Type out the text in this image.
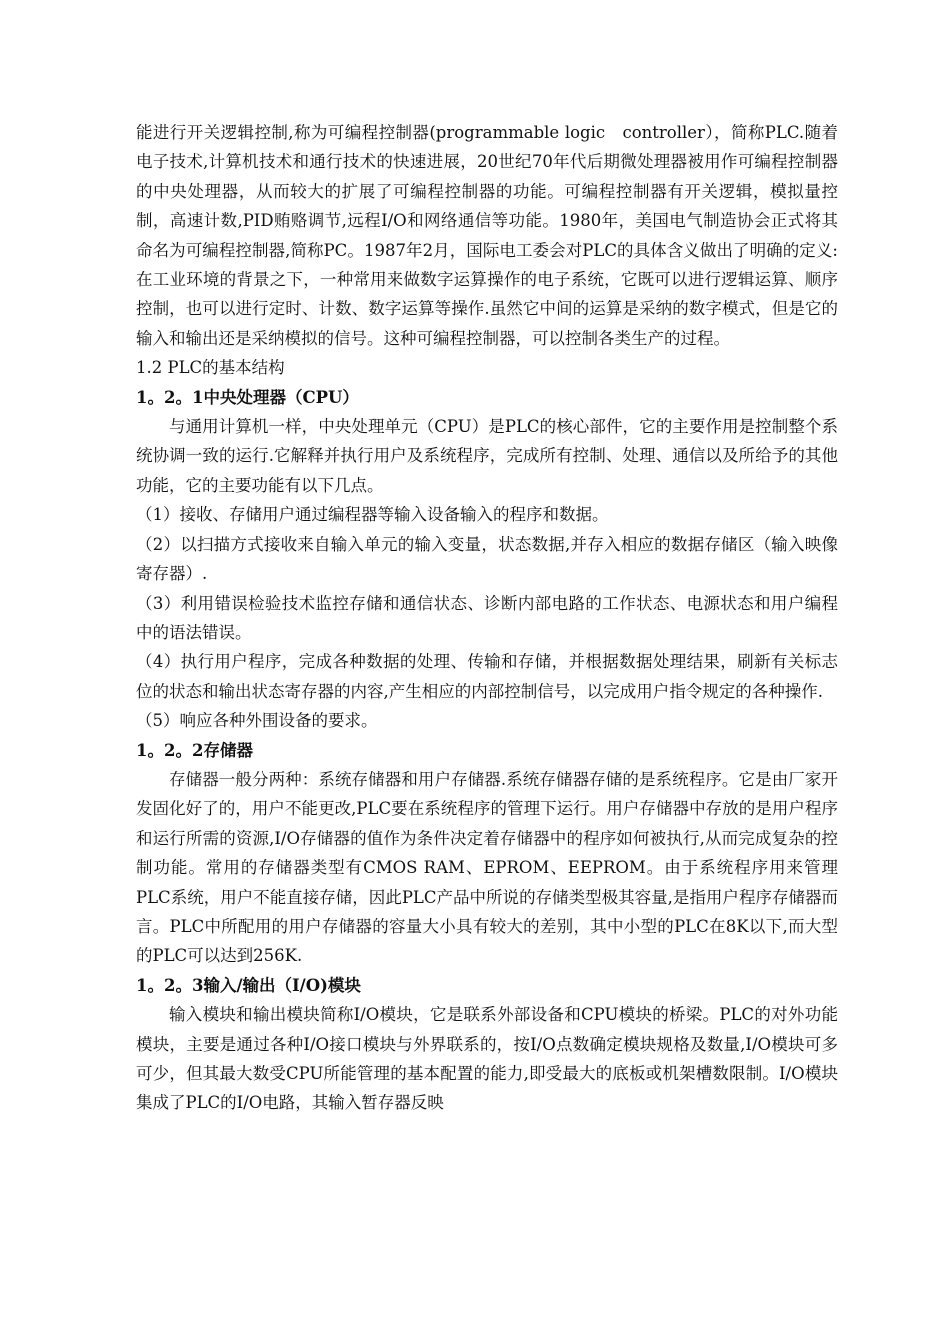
能进行开关逻辑控制,称为可编程控制器(programmable logic　controller），简称PLC.随着电子技术,计算机技术和通行技术的快速进展，20世纪70年代后期微处理器被用作可编程控制器的中央处理器，从而较大的扩展了可编程控制器的功能。可编程控制器有开关逻辑，模拟量控制，高速计数,PID贿赂调节,远程I/O和网络通信等功能。1980年，美国电气制造协会正式将其命名为可编程控制器,简称PC。1987年2月，国际电工委会对PLC的具体含义做出了明确的定义:在工业环境的背景之下，一种常用来做数字运算操作的电子系统，它既可以进行逻辑运算、顺序控制，也可以进行定时、计数、数字运算等操作.虽然它中间的运算是采纳的数字模式，但是它的输入和输出还是采纳模拟的信号。这种可编程控制器，可以控制各类生产的过程。

1.2 PLC的基本结构
1。2。1中央处理器（CPU）

与通用计算机一样，中央处理单元（CPU）是PLC的核心部件，它的主要作用是控制整个系统协调一致的运行.它解释并执行用户及系统程序，完成所有控制、处理、通信以及所给予的其他功能，它的主要功能有以下几点。

（1）接收、存储用户通过编程器等输入设备输入的程序和数据。

（2）以扫描方式接收来自输入单元的输入变量，状态数据,并存入相应的数据存储区（输入映像寄存器）.

（3）利用错误检验技术监控存储和通信状态、诊断内部电路的工作状态、电源状态和用户编程中的语法错误。

（4）执行用户程序，完成各种数据的处理、传输和存储，并根据数据处理结果，刷新有关标志位的状态和输出状态寄存器的内容,产生相应的内部控制信号，以完成用户指令规定的各种操作.

（5）响应各种外围设备的要求。

1。2。2存储器

存储器一般分两种：系统存储器和用户存储器.系统存储器存储的是系统程序。它是由厂家开发固化好了的，用户不能更改,PLC要在系统程序的管理下运行。用户存储器中存放的是用户程序和运行所需的资源,I/O存储器的值作为条件决定着存储器中的程序如何被执行,从而完成复杂的控制功能。常用的存储器类型有CMOS RAM、EPROM、EEPROM。由于系统程序用来管理PLC系统，用户不能直接存储，因此PLC产品中所说的存储类型极其容量,是指用户程序存储器而言。PLC中所配用的用户存储器的容量大小具有较大的差别，其中小型的PLC在8K以下,而大型的PLC可以达到256K.

1。2。3输入/输出（I/O)模块

输入模块和输出模块简称I/O模块，它是联系外部设备和CPU模块的桥梁。PLC的对外功能模块，主要是通过各种I/O接口模块与外界联系的，按I/O点数确定模块规格及数量,I/O模块可多可少，但其最大数受CPU所能管理的基本配置的能力,即受最大的底板或机架槽数限制。I/O模块集成了PLC的I/O电路，其输入暂存器反映
